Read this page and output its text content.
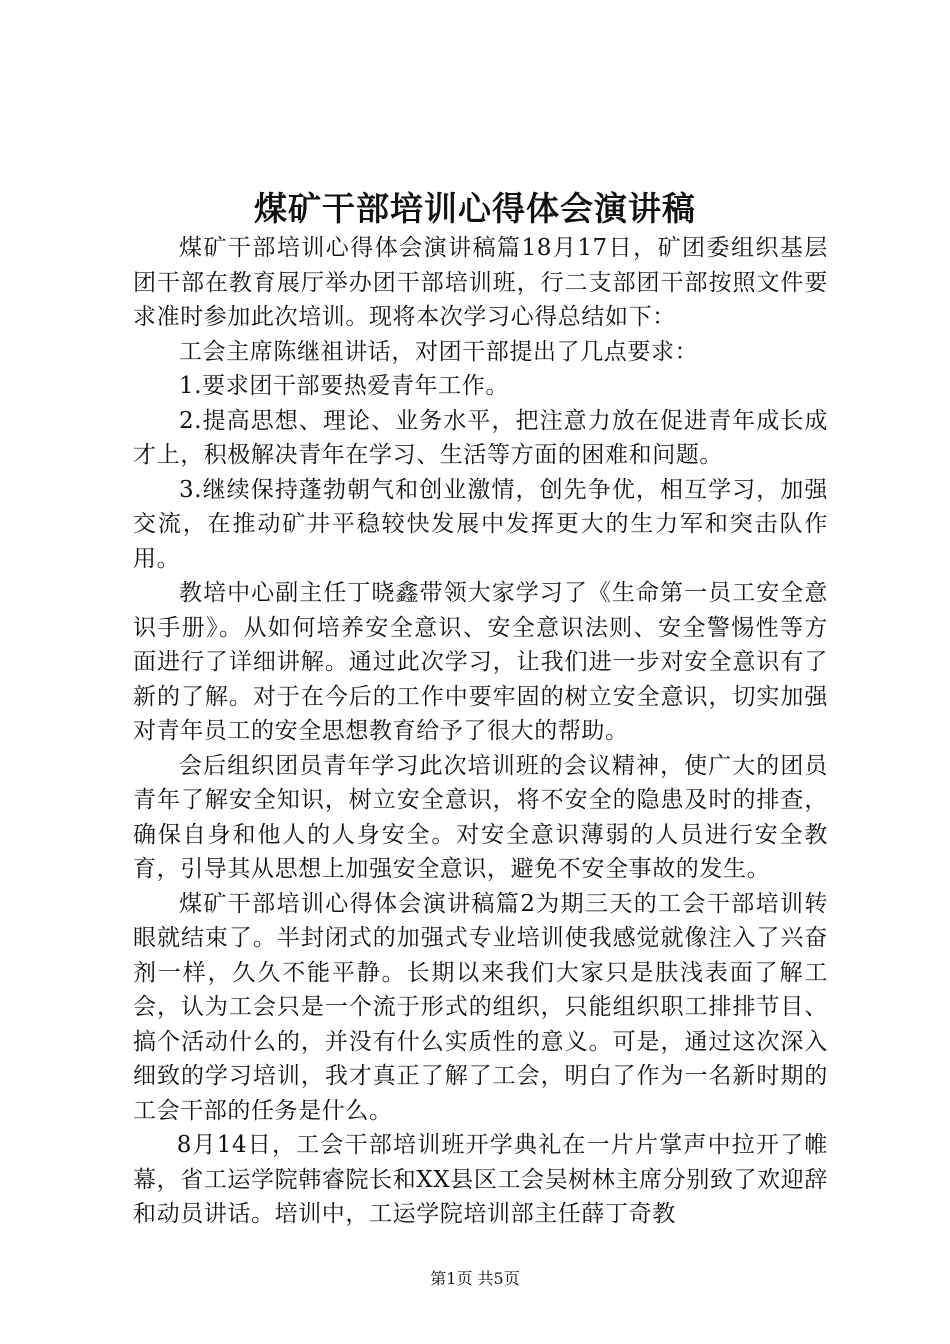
煤矿干部培训心得体会演讲稿

煤矿干部培训心得体会演讲稿篇18月17日，矿团委组织基层团干部在教育展厅举办团干部培训班，行二支部团干部按照文件要求准时参加此次培训。现将本次学习心得总结如下：

工会主席陈继祖讲话，对团干部提出了几点要求：

1.要求团干部要热爱青年工作。

2.提高思想、理论、业务水平，把注意力放在促进青年成长成才上，积极解决青年在学习、生活等方面的困难和问题。

3.继续保持蓬勃朝气和创业激情，创先争优，相互学习，加强交流，在推动矿井平稳较快发展中发挥更大的生力军和突击队作用。

教培中心副主任丁晓鑫带领大家学习了《生命第一员工安全意识手册》。从如何培养安全意识、安全意识法则、安全警惕性等方面进行了详细讲解。通过此次学习，让我们进一步对安全意识有了新的了解。对于在今后的工作中要牢固的树立安全意识，切实加强对青年员工的安全思想教育给予了很大的帮助。

会后组织团员青年学习此次培训班的会议精神，使广大的团员青年了解安全知识，树立安全意识，将不安全的隐患及时的排查，确保自身和他人的人身安全。对安全意识薄弱的人员进行安全教育，引导其从思想上加强安全意识，避免不安全事故的发生。

煤矿干部培训心得体会演讲稿篇2为期三天的工会干部培训转眼就结束了。半封闭式的加强式专业培训使我感觉就像注入了兴奋剂一样，久久不能平静。长期以来我们大家只是肤浅表面了解工会，认为工会只是一个流于形式的组织，只能组织职工排排节目、搞个活动什么的，并没有什么实质性的意义。可是，通过这次深入细致的学习培训，我才真正了解了工会，明白了作为一名新时期的工会干部的任务是什么。

8月14日，工会干部培训班开学典礼在一片片掌声中拉开了帷幕，省工运学院韩睿院长和XX县区工会吴树林主席分别致了欢迎辞和动员讲话。培训中，工运学院培训部主任薛丁奇教

第1页 共5页
